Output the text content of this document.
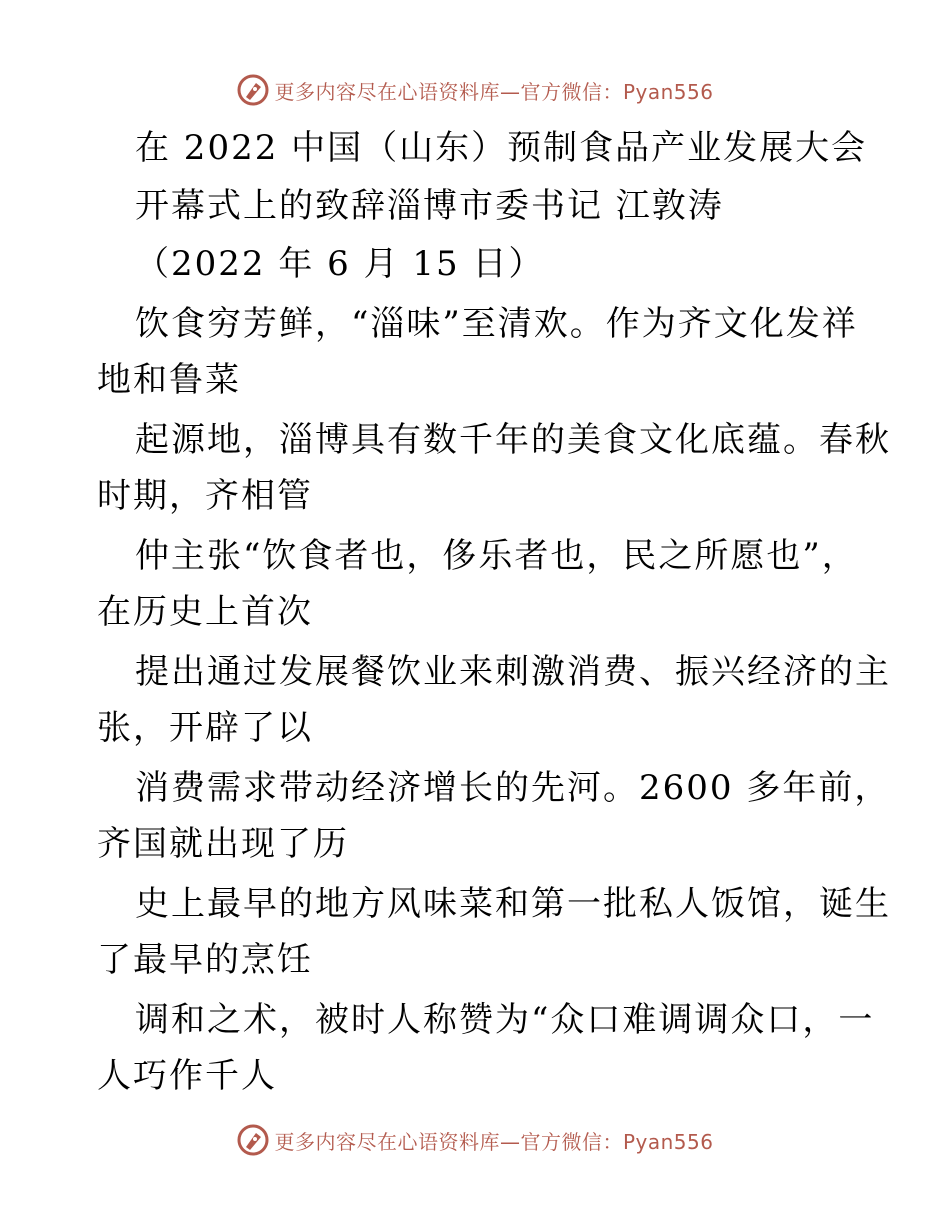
更多内容尽在心语资料库—官方微信：Pyan556
在 2022 中国（山东）预制食品产业发展大会
开幕式上的致辞淄博市委书记 江敦涛
（2022 年 6 月 15 日）
饮食穷芳鲜，“淄味”至清欢。作为齐文化发祥
地和鲁菜
起源地，淄博具有数千年的美食文化底蕴。春秋
时期，齐相管
仲主张“饮食者也，侈乐者也，民之所愿也”，
在历史上首次
提出通过发展餐饮业来刺激消费、振兴经济的主
张，开辟了以
消费需求带动经济增长的先河。2600 多年前，
齐国就出现了历
史上最早的地方风味菜和第一批私人饭馆，诞生
了最早的烹饪
调和之术，被时人称赞为“众口难调调众口，一
人巧作千人
更多内容尽在心语资料库—官方微信：Pyan556
